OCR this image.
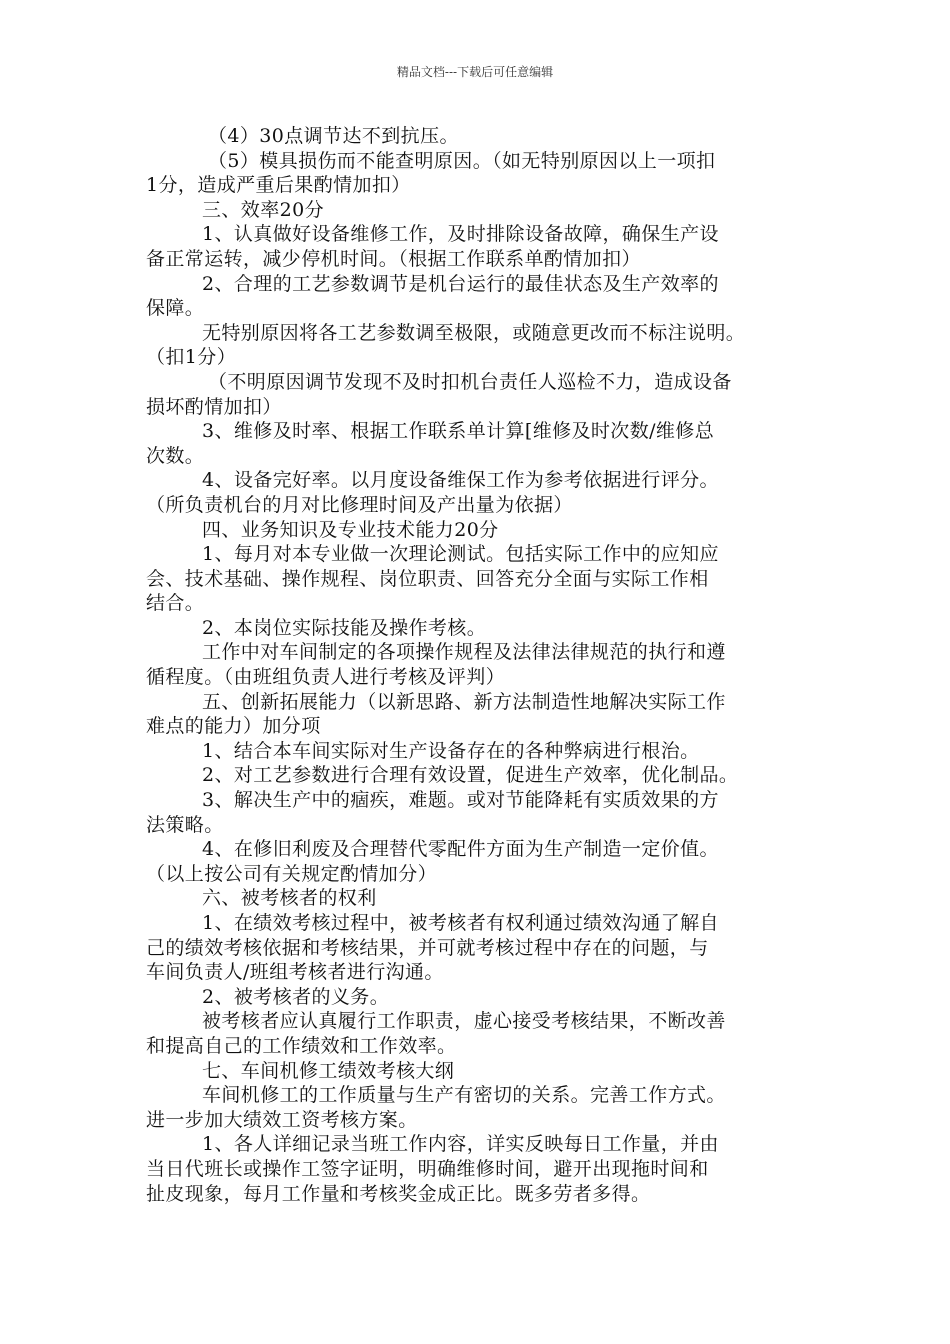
精品文档---下载后可任意编辑
（4）30点调节达不到抗压。
（5）模具损伤而不能查明原因。（如无特别原因以上一项扣
1分，造成严重后果酌情加扣）
三、效率20分
1、认真做好设备维修工作，及时排除设备故障，确保生产设
备正常运转，减少停机时间。（根据工作联系单酌情加扣）
2、合理的工艺参数调节是机台运行的最佳状态及生产效率的
保障。
无特别原因将各工艺参数调至极限，或随意更改而不标注说明。
（扣1分）
（不明原因调节发现不及时扣机台责任人巡检不力，造成设备
损坏酌情加扣）
3、维修及时率、根据工作联系单计算[维修及时次数/维修总
次数。
4、设备完好率。以月度设备维保工作为参考依据进行评分。
（所负责机台的月对比修理时间及产出量为依据）
四、业务知识及专业技术能力20分
1、每月对本专业做一次理论测试。包括实际工作中的应知应
会、技术基础、操作规程、岗位职责、回答充分全面与实际工作相
结合。
2、本岗位实际技能及操作考核。
工作中对车间制定的各项操作规程及法律法律规范的执行和遵
循程度。（由班组负责人进行考核及评判）
五、创新拓展能力（以新思路、新方法制造性地解决实际工作
难点的能力）加分项
1、结合本车间实际对生产设备存在的各种弊病进行根治。
2、对工艺参数进行合理有效设置，促进生产效率，优化制品。
3、解决生产中的痼疾，难题。或对节能降耗有实质效果的方
法策略。
4、在修旧利废及合理替代零配件方面为生产制造一定价值。
（以上按公司有关规定酌情加分）
六、被考核者的权利
1、在绩效考核过程中，被考核者有权利通过绩效沟通了解自
己的绩效考核依据和考核结果，并可就考核过程中存在的问题，与
车间负责人/班组考核者进行沟通。
2、被考核者的义务。
被考核者应认真履行工作职责，虚心接受考核结果，不断改善
和提高自己的工作绩效和工作效率。
七、车间机修工绩效考核大纲
车间机修工的工作质量与生产有密切的关系。完善工作方式。
进一步加大绩效工资考核方案。
1、各人详细记录当班工作内容，详实反映每日工作量，并由
当日代班长或操作工签字证明，明确维修时间，避开出现拖时间和
扯皮现象，每月工作量和考核奖金成正比。既多劳者多得。
